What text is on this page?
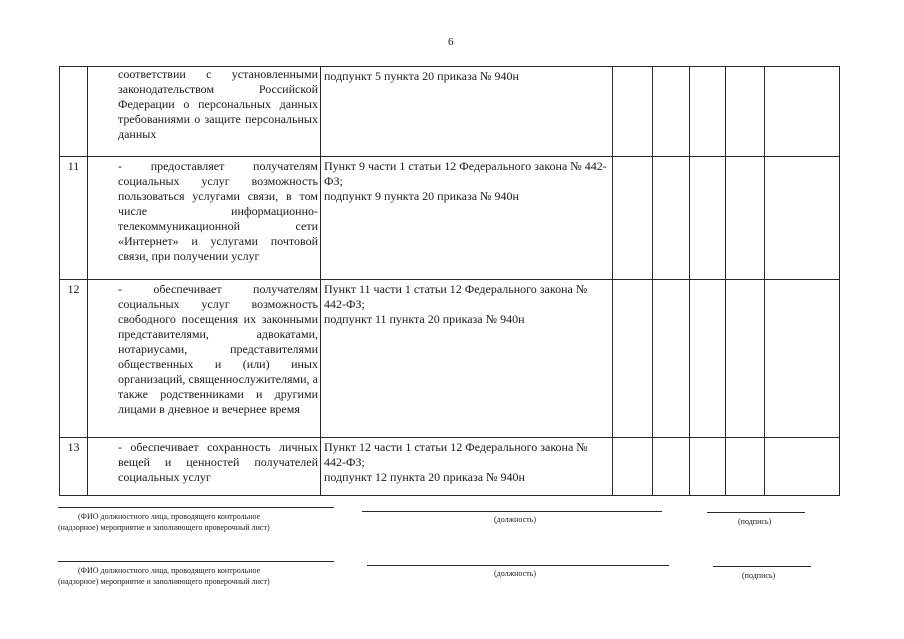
6
	соответствии с установленными законодательством Российской Федерации о персональных данных требованиями о защите персональных данных	подпункт 5 пункта 20 приказа № 940н					

11	- предоставляет получателям социальных услуг возможность пользоваться услугами связи, в том числе информационно-телекоммуникационной сети «Интернет» и услугами почтовой связи, при получении услуг	Пункт 9 части 1 статьи 12 Федерального закона № 442-ФЗ;
подпункт 9 пункта 20 приказа № 940н					

12	- обеспечивает получателям социальных услуг возможность свободного посещения их законными представителями, адвокатами, нотариусами, представителями общественных и (или) иных организаций, священнослужителями, а также родственниками и другими лицами в дневное и вечернее время	Пункт 11 части 1 статьи 12 Федерального закона № 442-ФЗ;
подпункт 11 пункта 20 приказа № 940н					

13	- обеспечивает сохранность личных вещей и ценностей получателей социальных услуг	Пункт 12 части 1 статьи 12 Федерального закона № 442-ФЗ;
подпункт 12 пункта 20 приказа № 940н					

(ФИО должностного лица, проводящего контрольное
(надзорное) мероприятие и заполняющего проверочный лист)
(должность)	(подпись)
(ФИО должностного лица, проводящего контрольное
(надзорное) мероприятие и заполняющего проверочный лист)
(должность)	(подпись)
